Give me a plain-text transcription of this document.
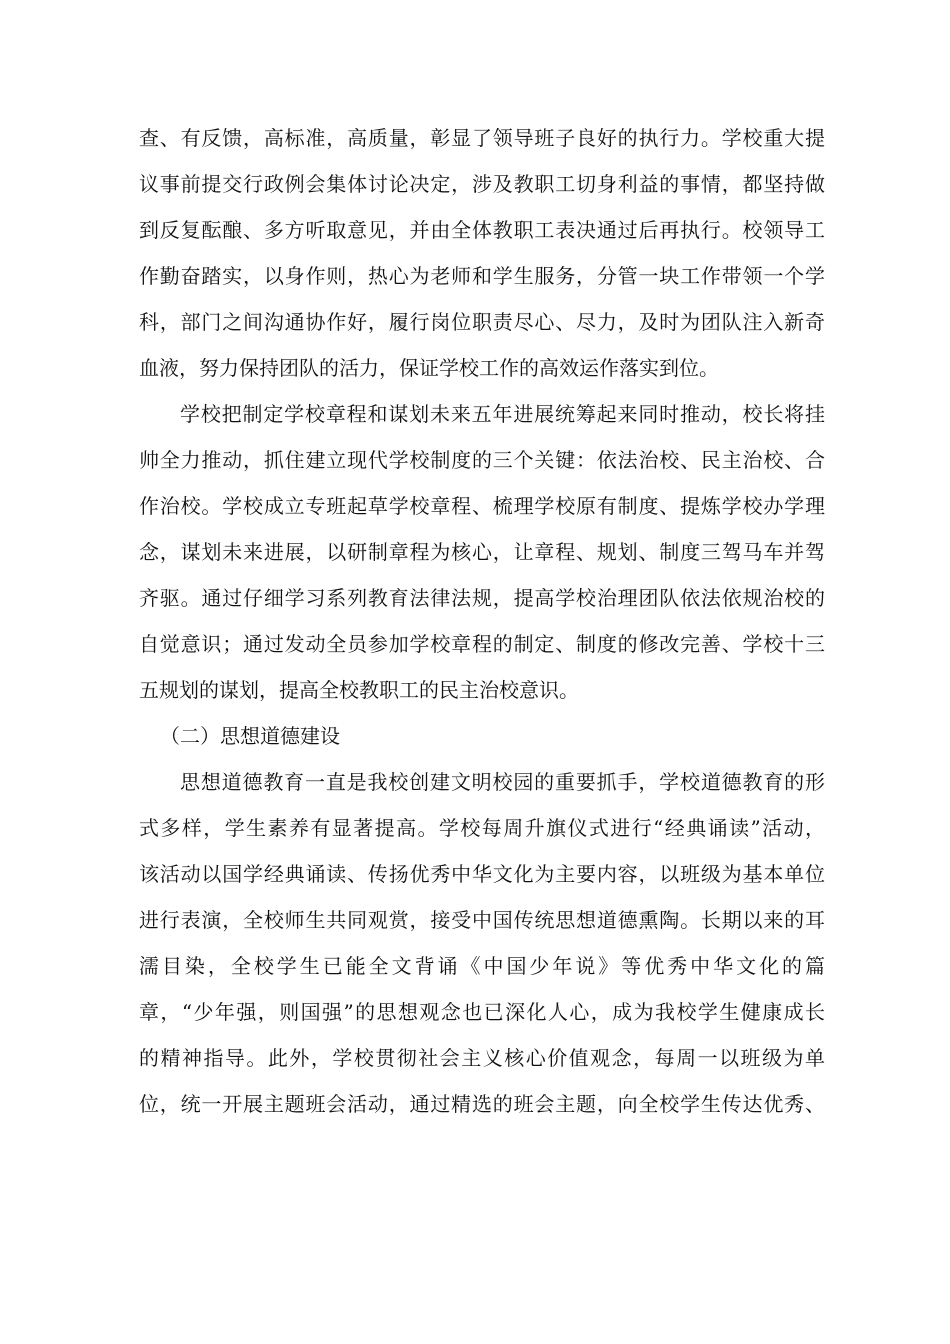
查、有反馈，高标准，高质量，彰显了领导班子良好的执行力。学校重大提
议事前提交行政例会集体讨论决定，涉及教职工切身利益的事情，都坚持做
到反复酝酿、多方听取意见，并由全体教职工表决通过后再执行。校领导工
作勤奋踏实，以身作则，热心为老师和学生服务，分管一块工作带领一个学
科，部门之间沟通协作好，履行岗位职责尽心、尽力，及时为团队注入新奇
血液，努力保持团队的活力，保证学校工作的高效运作落实到位。
学校把制定学校章程和谋划未来五年进展统筹起来同时推动，校长将挂
帅全力推动，抓住建立现代学校制度的三个关键：依法治校、民主治校、合
作治校。学校成立专班起草学校章程、梳理学校原有制度、提炼学校办学理
念，谋划未来进展，以研制章程为核心，让章程、规划、制度三驾马车并驾
齐驱。通过仔细学习系列教育法律法规，提高学校治理团队依法依规治校的
自觉意识；通过发动全员参加学校章程的制定、制度的修改完善、学校十三
五规划的谋划，提高全校教职工的民主治校意识。
（二）思想道德建设
思想道德教育一直是我校创建文明校园的重要抓手，学校道德教育的形
式多样，学生素养有显著提高。学校每周升旗仪式进行“经典诵读”活动，
该活动以国学经典诵读、传扬优秀中华文化为主要内容，以班级为基本单位
进行表演，全校师生共同观赏，接受中国传统思想道德熏陶。长期以来的耳
濡目染，全校学生已能全文背诵《中国少年说》等优秀中华文化的篇
章，“少年强，则国强”的思想观念也已深化人心，成为我校学生健康成长
的精神指导。此外，学校贯彻社会主义核心价值观念，每周一以班级为单
位，统一开展主题班会活动，通过精选的班会主题，向全校学生传达优秀、
